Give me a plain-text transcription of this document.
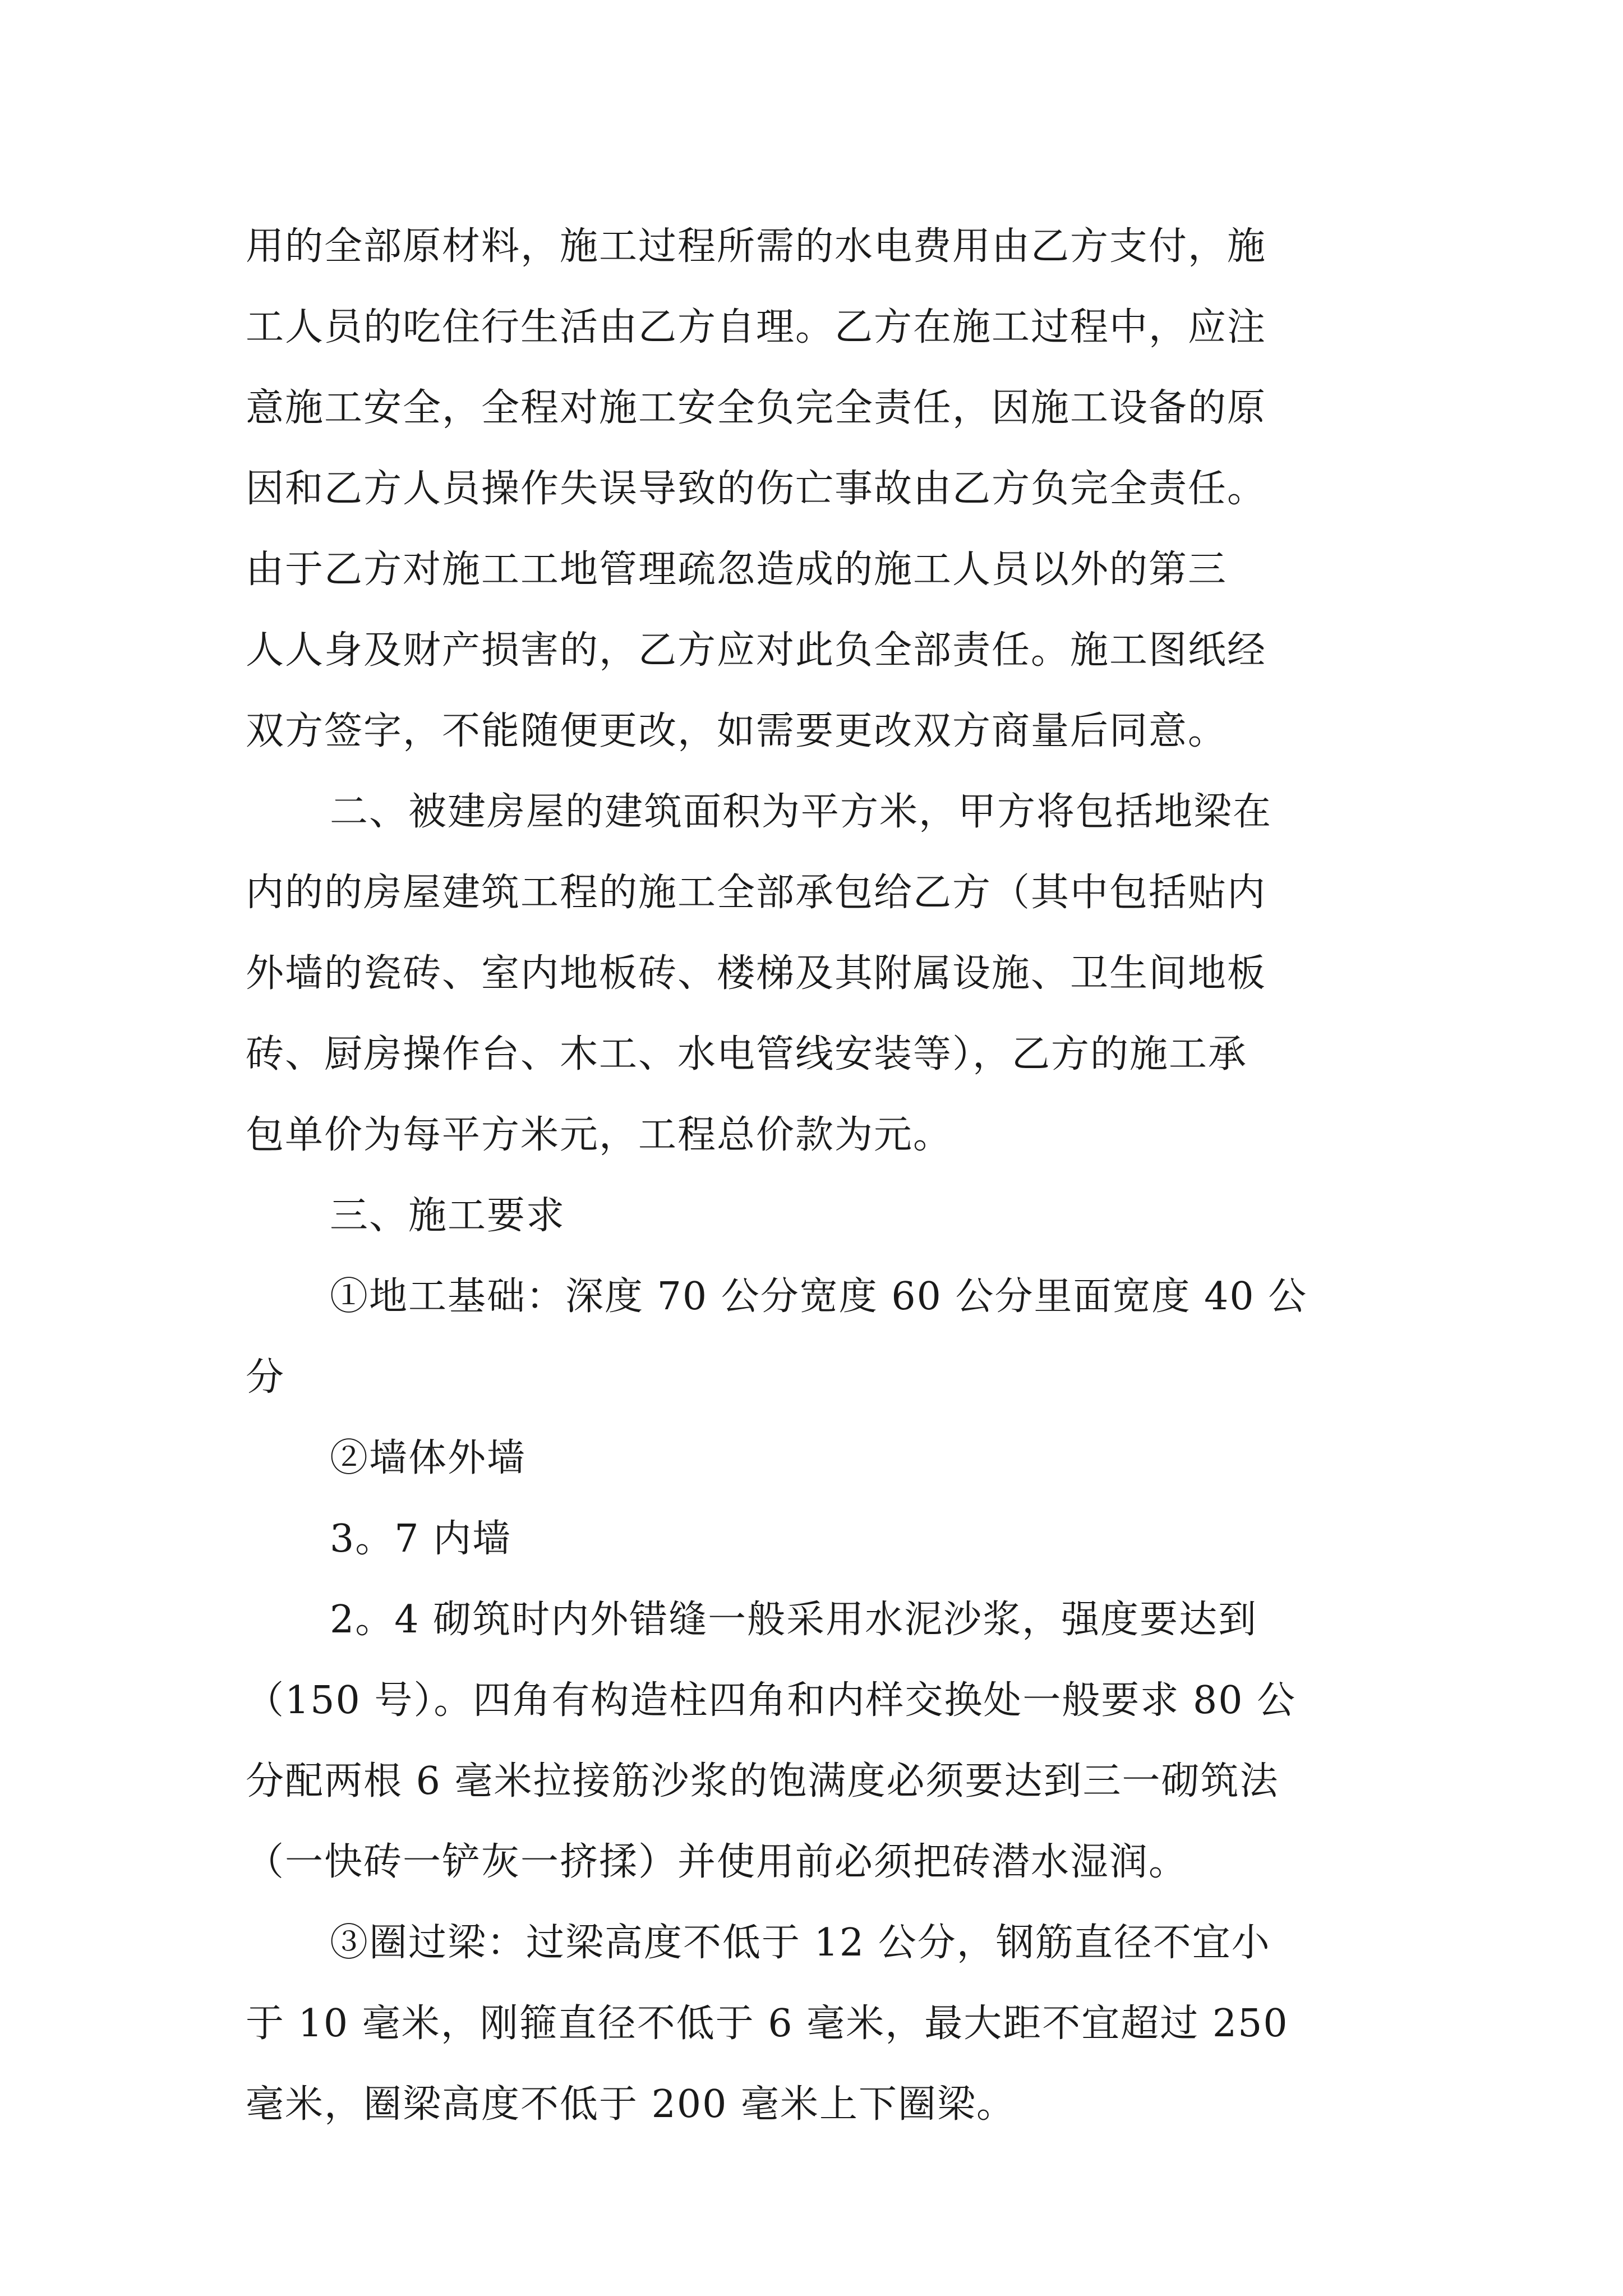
用的全部原材料，施工过程所需的水电费用由乙方支付，施
工人员的吃住行生活由乙方自理。乙方在施工过程中，应注
意施工安全，全程对施工安全负完全责任，因施工设备的原
因和乙方人员操作失误导致的伤亡事故由乙方负完全责任。
由于乙方对施工工地管理疏忽造成的施工人员以外的第三
人人身及财产损害的，乙方应对此负全部责任。施工图纸经
双方签字，不能随便更改，如需要更改双方商量后同意。
二、被建房屋的建筑面积为平方米，甲方将包括地梁在
内的的房屋建筑工程的施工全部承包给乙方（其中包括贴内
外墙的瓷砖、室内地板砖、楼梯及其附属设施、卫生间地板
砖、厨房操作台、木工、水电管线安装等），乙方的施工承
包单价为每平方米元，工程总价款为元。
三、施工要求
①地工基础：深度 70 公分宽度 60 公分里面宽度 40 公
分
②墙体外墙
3。7 内墙
2。4 砌筑时内外错缝一般采用水泥沙浆，强度要达到
（150 号）。四角有构造柱四角和内样交换处一般要求 80 公
分配两根 6 毫米拉接筋沙浆的饱满度必须要达到三一砌筑法
（一快砖一铲灰一挤揉）并使用前必须把砖潜水湿润。
③圈过梁：过梁高度不低于 12 公分，钢筋直径不宜小
于 10 毫米，刚箍直径不低于 6 毫米，最大距不宜超过 250
毫米，圈梁高度不低于 200 毫米上下圈梁。
